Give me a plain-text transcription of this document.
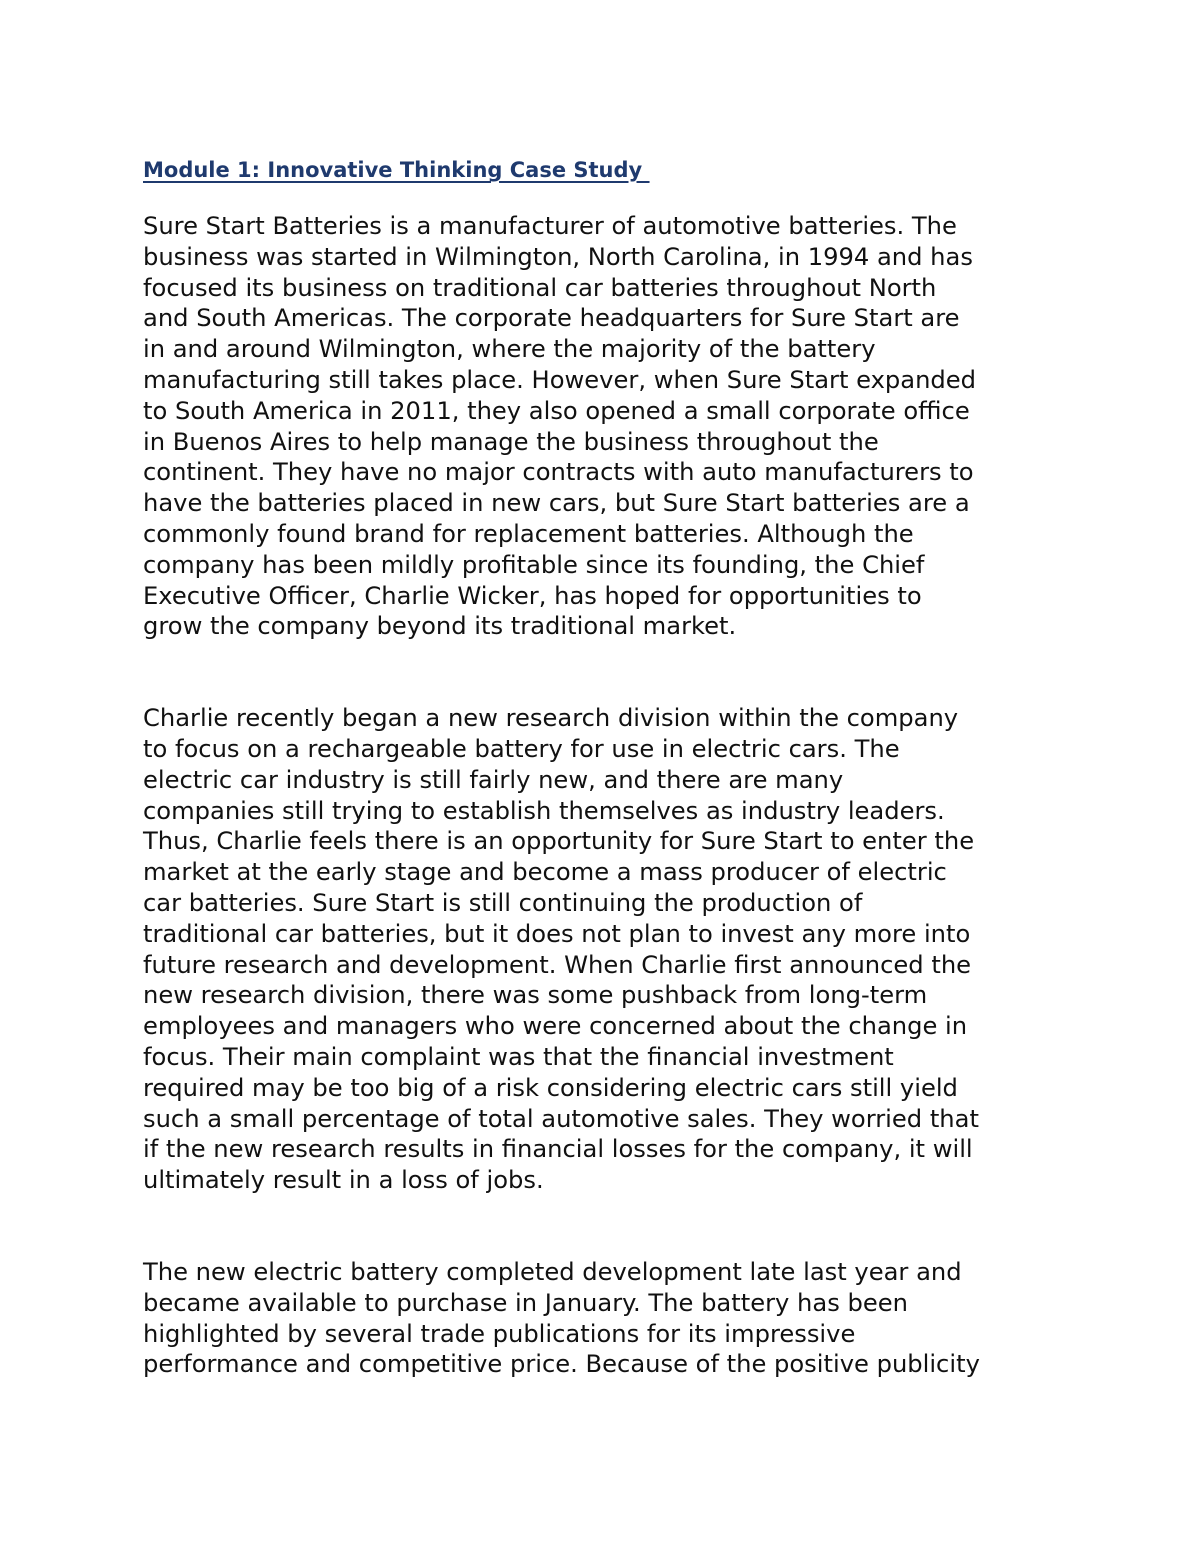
Module 1: Innovative Thinking Case Study
Sure Start Batteries is a manufacturer of automotive batteries. The
business was started in Wilmington, North Carolina, in 1994 and has
focused its business on traditional car batteries throughout North
and South Americas. The corporate headquarters for Sure Start are
in and around Wilmington, where the majority of the battery
manufacturing still takes place. However, when Sure Start expanded
to South America in 2011, they also opened a small corporate office
in Buenos Aires to help manage the business throughout the
continent. They have no major contracts with auto manufacturers to
have the batteries placed in new cars, but Sure Start batteries are a
commonly found brand for replacement batteries. Although the
company has been mildly profitable since its founding, the Chief
Executive Officer, Charlie Wicker, has hoped for opportunities to
grow the company beyond its traditional market.
Charlie recently began a new research division within the company
to focus on a rechargeable battery for use in electric cars. The
electric car industry is still fairly new, and there are many
companies still trying to establish themselves as industry leaders.
Thus, Charlie feels there is an opportunity for Sure Start to enter the
market at the early stage and become a mass producer of electric
car batteries. Sure Start is still continuing the production of
traditional car batteries, but it does not plan to invest any more into
future research and development. When Charlie first announced the
new research division, there was some pushback from long-term
employees and managers who were concerned about the change in
focus. Their main complaint was that the financial investment
required may be too big of a risk considering electric cars still yield
such a small percentage of total automotive sales. They worried that
if the new research results in financial losses for the company, it will
ultimately result in a loss of jobs.
The new electric battery completed development late last year and
became available to purchase in January. The battery has been
highlighted by several trade publications for its impressive
performance and competitive price. Because of the positive publicity
